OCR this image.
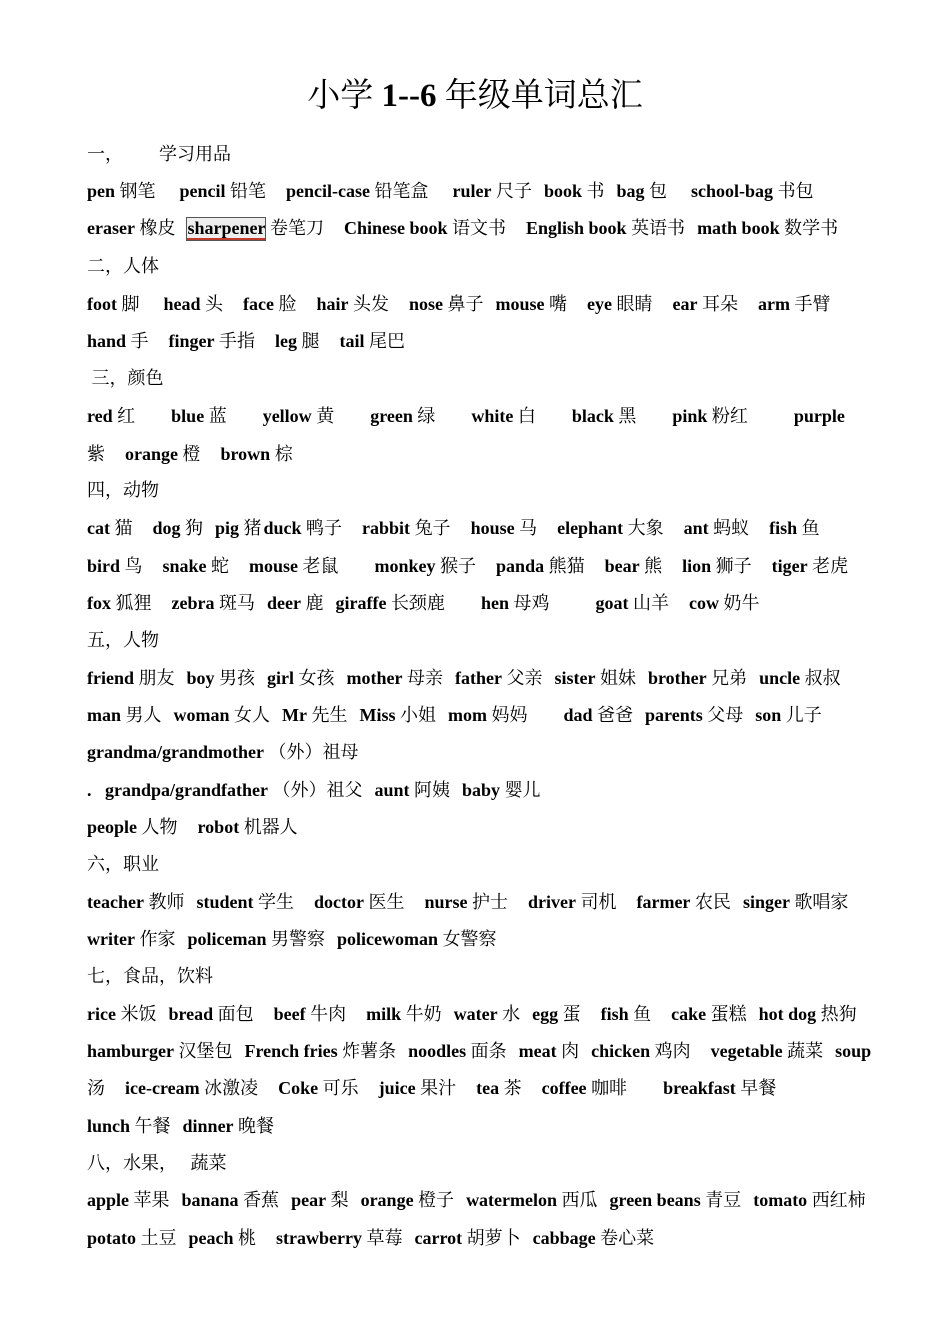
小学 1--6 年级单词总汇
一，        学习用品
pen 钢笔 pencil 铅笔 pencil-case 铅笔盒 ruler 尺子 book 书 bag 包 school-bag 书包
eraser 橡皮 sharpener 卷笔刀 Chinese book 语文书 English book 英语书 math book 数学书
二，人体
foot 脚 head 头 face 脸 hair 头发 nose 鼻子 mouse 嘴 eye 眼睛 ear 耳朵 arm 手臂
hand 手 finger 手指 leg 腿 tail 尾巴
三，颜色
red 红 blue 蓝 yellow 黄 green 绿 white 白 black 黑 pink 粉红	purple
紫 orange 橙 brown 棕
四，动物
cat 猫 dog 狗 pig 猪 duck 鸭子 rabbit 兔子 house 马 elephant 大象 ant 蚂蚁 fish 鱼
bird 鸟 snake 蛇 mouse 老鼠 monkey 猴子 panda 熊猫 bear 熊 lion 狮子 tiger 老虎
fox 狐狸 zebra 斑马 deer 鹿 giraffe 长颈鹿 hen 母鸡	goat 山羊 cow 奶牛
五，人物
friend 朋友 boy 男孩 girl 女孩 mother 母亲 father 父亲 sister 姐妹 brother 兄弟 uncle 叔叔
man 男人 woman 女人 Mr 先生 Miss 小姐 mom 妈妈 dad 爸爸 parents 父母 son 儿子
grandma/grandmother （外）祖母
.   grandpa/grandfather （外）祖父 aunt 阿姨 baby 婴儿
people 人物 robot 机器人
六，职业
teacher 教师 student 学生 doctor 医生 nurse 护士 driver 司机 farmer 农民 singer 歌唱家
writer 作家 policeman 男警察 policewoman 女警察
七，食品，饮料
rice 米饭 bread 面包 beef 牛肉 milk 牛奶 water 水 egg 蛋 fish 鱼 cake 蛋糕 hot dog 热狗
hamburger 汉堡包 French fries 炸薯条 noodles 面条 meat 肉 chicken 鸡肉 vegetable 蔬菜 soup
汤 ice-cream 冰激凌 Coke 可乐 juice 果汁 tea 茶 coffee 咖啡 breakfast 早餐
lunch 午餐 dinner 晚餐
八，水果，   蔬菜
apple 苹果 banana 香蕉 pear 梨 orange 橙子 watermelon 西瓜 green beans 青豆 tomato 西红柿
potato 土豆 peach 桃 strawberry 草莓 carrot 胡萝卜 cabbage 卷心菜
